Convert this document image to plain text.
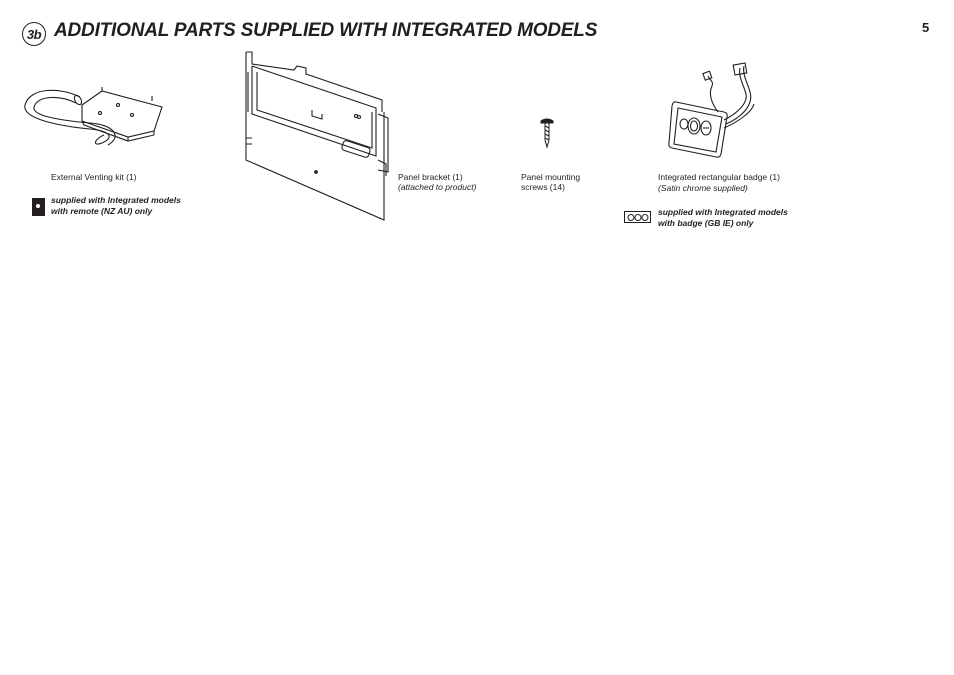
3b ADDITIONAL PARTS SUPPLIED WITH INTEGRATED MODELS	5
External Venting kit (1)
supplied with Integrated models
with remote (NZ AU) only
Panel bracket (1)
(attached to product)
Panel mounting
screws (14)
Integrated rectangular badge (1)
(Satin chrome supplied)
supplied with Integrated models
with badge (GB IE) only
